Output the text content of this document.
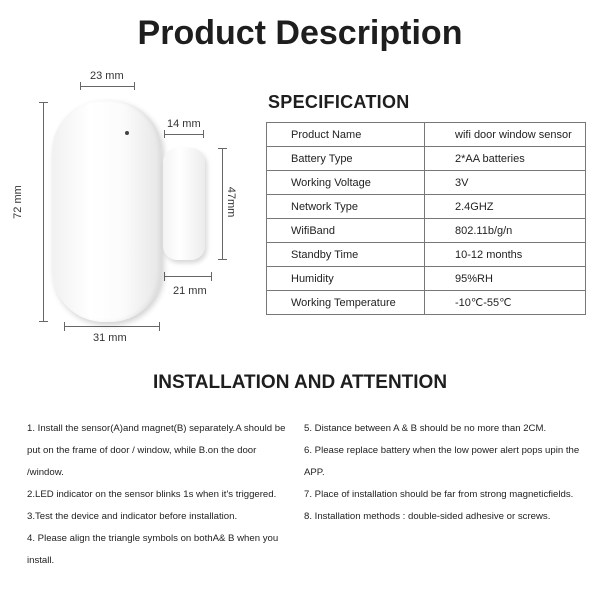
Product Description
23 mm
72 mm
14 mm
47mm
21 mm
31 mm
SPECIFICATION
Product Name	wifi door window sensor
Battery Type	2*AA batteries
Working Voltage	3V
Network Type	2.4GHZ
WifiBand	802.11b/g/n
Standby Time	10-12 months
Humidity	95%RH
Working Temperature	-10℃-55℃
INSTALLATION AND ATTENTION

1. Install the sensor(A)and magnet(B) separately.A should be put on the frame of door / window, while B.on the door /window.

2.LED indicator on the sensor blinks 1s when it's triggered.

3.Test the device and indicator before installation.

4. Please align the triangle symbols on bothA& B when you install.

5. Distance between A & B should be no more than 2CM.

6. Please replace battery when the low power alert pops upin the APP.

7. Place of installation should be far from strong magneticfields.

8. Installation methods : double-sided adhesive or screws.
